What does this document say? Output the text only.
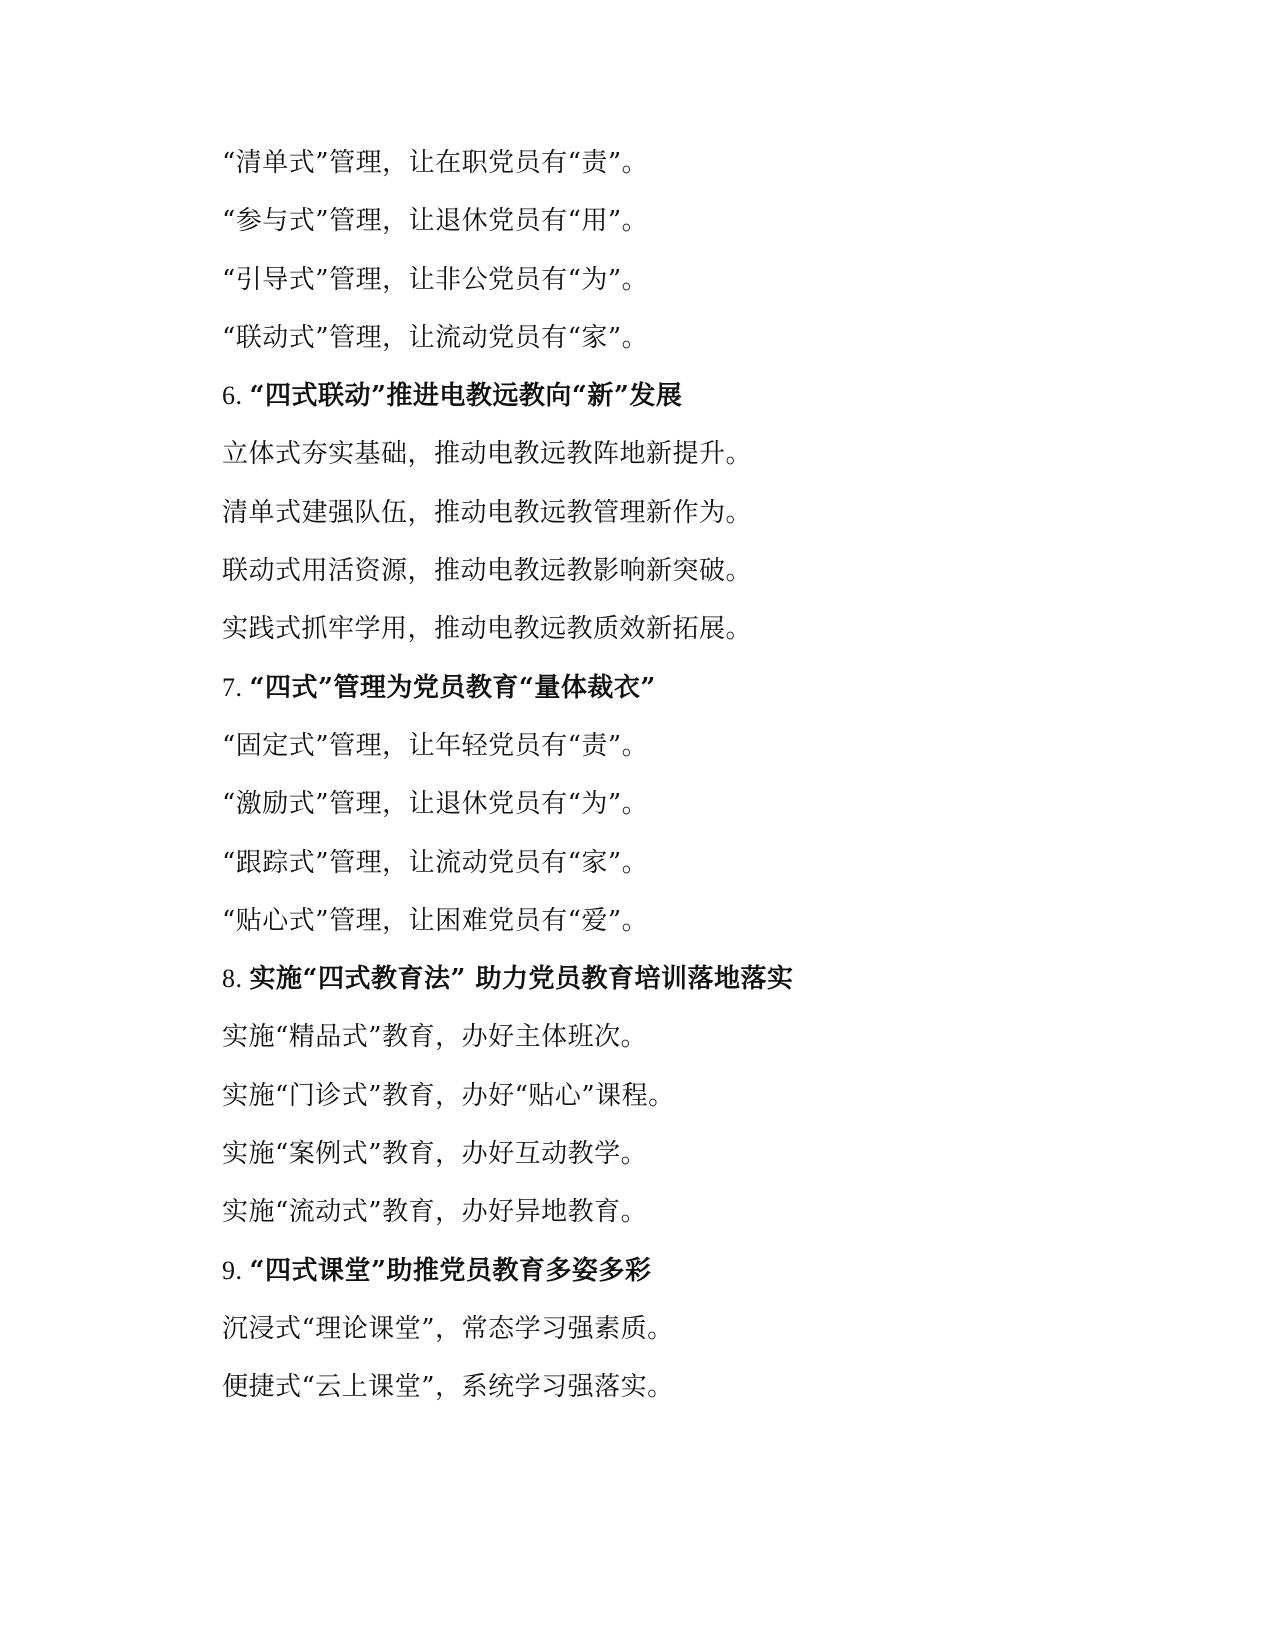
“清单式”管理，让在职党员有“责”。
“参与式”管理，让退休党员有“用”。
“引导式”管理，让非公党员有“为”。
“联动式”管理，让流动党员有“家”。
6. “四式联动”推进电教远教向“新”发展
立体式夯实基础，推动电教远教阵地新提升。
清单式建强队伍，推动电教远教管理新作为。
联动式用活资源，推动电教远教影响新突破。
实践式抓牢学用，推动电教远教质效新拓展。
7. “四式”管理为党员教育“量体裁衣”
“固定式”管理，让年轻党员有“责”。
“激励式”管理，让退休党员有“为”。
“跟踪式”管理，让流动党员有“家”。
“贴心式”管理，让困难党员有“爱”。
8. 实施“四式教育法” 助力党员教育培训落地落实
实施“精品式”教育，办好主体班次。
实施“门诊式”教育，办好“贴心”课程。
实施“案例式”教育，办好互动教学。
实施“流动式”教育，办好异地教育。
9. “四式课堂”助推党员教育多姿多彩
沉浸式“理论课堂”，常态学习强素质。
便捷式“云上课堂”，系统学习强落实。
